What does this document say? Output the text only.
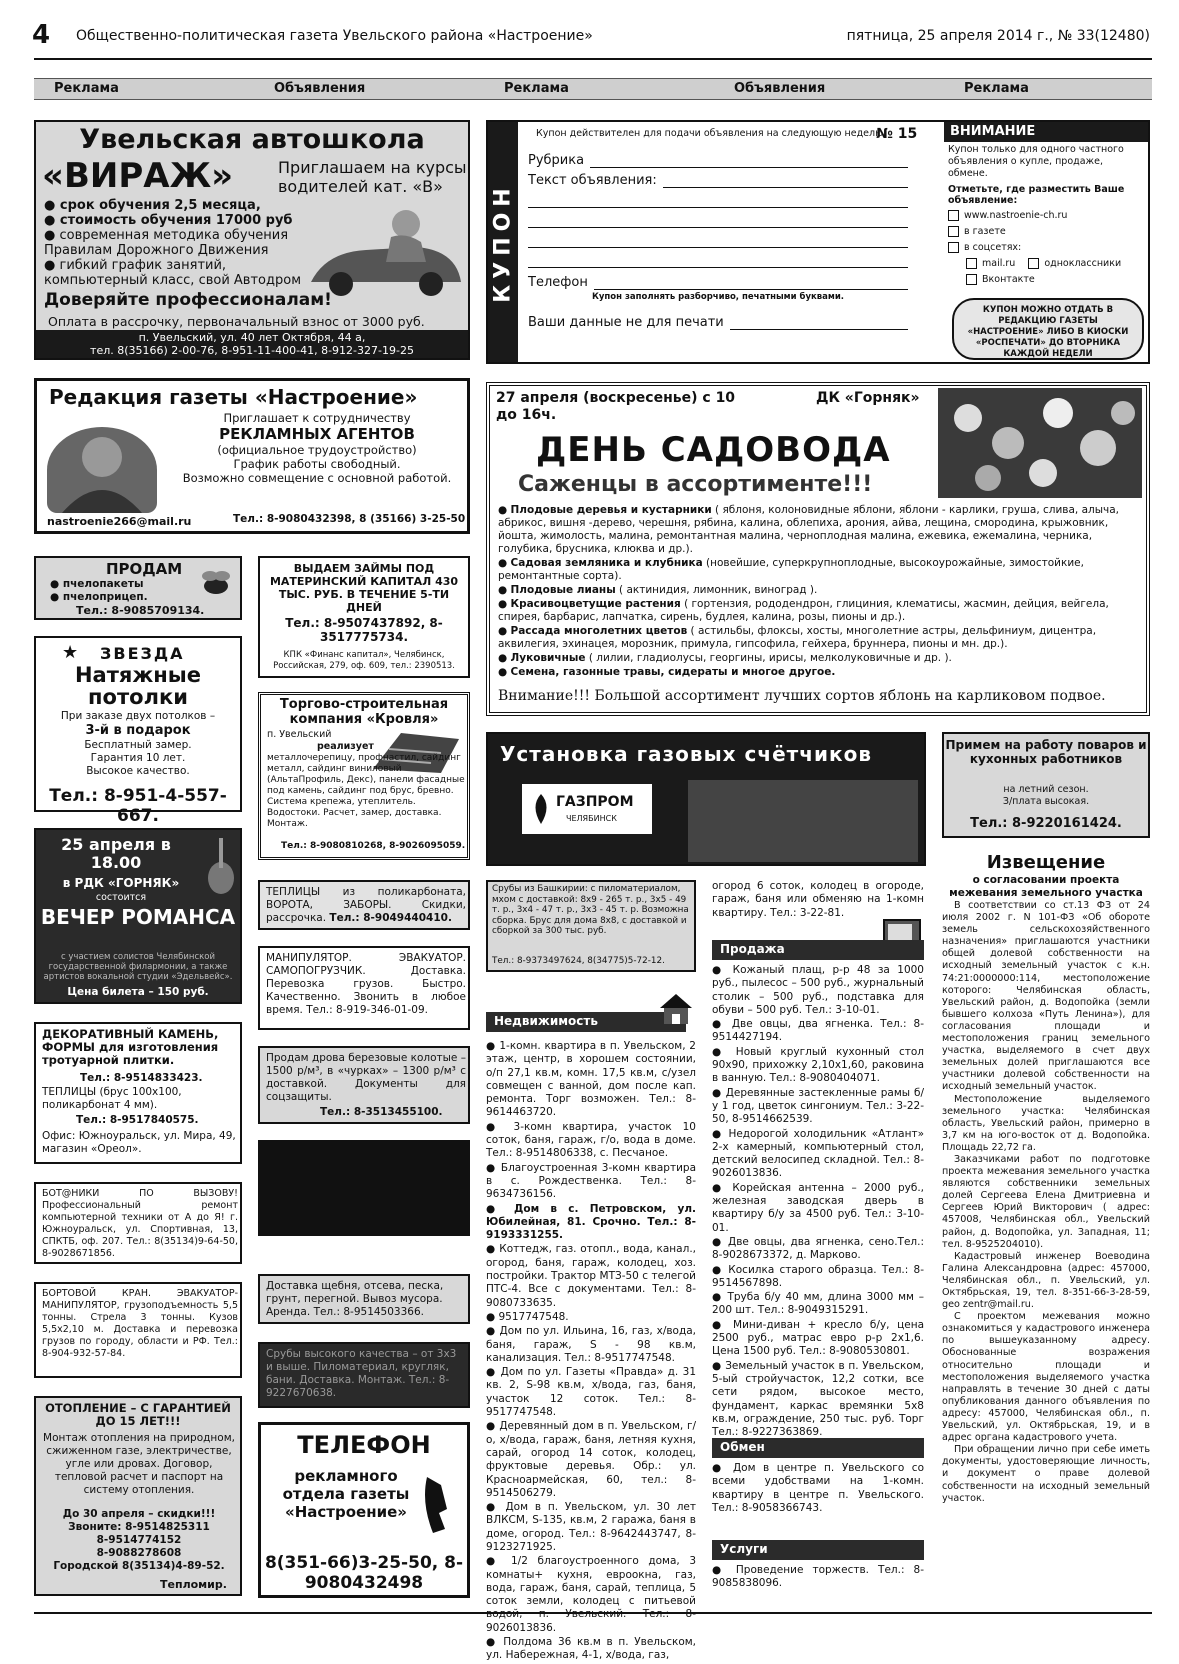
4 Общественно-политическая газета Увельского района «Настроение»	пятница, 25 апреля 2014 г., № 33(12480)
Реклама	Объявления	Реклама	Объявления	Реклама
Увельская автошкола
«ВИРАЖ»	Приглашаем на курсы водителей кат. «В»
● срок обучения 2,5 месяца,
● стоимость обучения 17000 руб
● современная методика обучения Правилам Дорожного Движения
● гибкий график занятий, компьютерный класс, свой Автодром
Доверяйте профессионалам!
Оплата в рассрочку, первоначальный взнос от 3000 руб.
п. Увельский, ул. 40 лет Октября, 44 а,
тел. 8(35166) 2-00-76, 8-951-11-400-41, 8-912-327-19-25
КУПОН
Купон действителен для подачи объявления на следующую неделю
№ 15
Рубрика
Текст объявления:
Телефон
Купон заполнять разборчиво, печатными буквами.
Ваши данные не для печати
ВНИМАНИЕ
Купон только для одного частного объявления о купле, продаже, обмене.
Отметьте, где разместить Ваше объявление:
www.nastroenie-ch.ru
в газете
в соцсетях:
mail.ru	одноклассники
Вконтакте
КУПОН МОЖНО ОТДАТЬ В РЕДАКЦИЮ ГАЗЕТЫ «НАСТРОЕНИЕ» ЛИБО В КИОСКИ «РОСПЕЧАТИ» ДО ВТОРНИКА КАЖДОЙ НЕДЕЛИ
Редакция газеты «Настроение»
Приглашает к сотрудничеству
РЕКЛАМНЫХ АГЕНТОВ
(официальное трудоустройство)
График работы свободный.
Возможно совмещение с основной работой.
nastroenie266@mail.ru	Тел.: 8-9080432398, 8 (35166) 3-25-50
27 апреля (воскресенье) с 10 до 16ч.
ДК «Горняк»
ДЕНЬ САДОВОДА
Саженцы в ассортименте!!!
● Плодовые деревья и кустарники ( яблоня, колоновидные яблони, яблони - карлики, груша, слива, алыча, абрикос, вишня -дерево, черешня, рябина, калина, облепиха, арония, айва, лещина, смородина, крыжовник, йошта, жимолость, малина, ремонтантная малина, черноплодная малина, ежевика, ежемалина, черника, голубика, брусника, клюква и др.).
● Садовая земляника и клубника (новейшие, суперкрупноплодные, высокоурожайные, зимостойкие, ремонтантные сорта).
● Плодовые лианы ( актинидия, лимонник, виноград ).
● Красивоцветущие растения ( гортензия, рододендрон, глициния, клематисы, жасмин, дейция, вейгела, спирея, барбарис, лапчатка, сирень, будлея, калина, розы, пионы и др.).
● Рассада многолетних цветов ( астильбы, флоксы, хосты, многолетние астры, дельфиниум, дицентра, аквилегия, эхинацея, морозник, примула, гипсофила, гейхера, бруннера, пионы и мн. др.).
● Луковичные ( лилии, гладиолусы, георгины, ирисы, мелколуковичные и др. ).
● Семена, газонные травы, сидераты и многое другое.
Внимание!!! Большой ассортимент лучших сортов яблонь на карликовом подвое.
ПРОДАМ
● пчелопакеты
● пчелоприцеп.
Тел.: 8-9085709134.
★ ЗВЕЗДА
Натяжные потолки
При заказе двух потолков –
3-й в подарок
Бесплатный замер.
Гарантия 10 лет.
Высокое качество.
Тел.: 8-951-4-557-667.
25 апреля в 18.00
в РДК «ГОРНЯК»
состоится
ВЕЧЕР РОМАНСА
с участием солистов Челябинской государственной филармонии, а также артистов вокальной студии «Эдельвейс».
Цена билета – 150 руб.
ДЕКОРАТИВНЫЙ КАМЕНЬ, ФОРМЫ для изготовления тротуарной плитки.
Тел.: 8-9514833423.
ТЕПЛИЦЫ (брус 100х100, поликарбонат 4 мм).
Тел.: 8-9517840575.
Офис: Южноуральск, ул. Мира, 49, магазин «Ореол».
БОТ@НИКИ ПО ВЫЗОВУ! Профессиональный ремонт компьютерной техники от А до Я! г. Южноуральск, ул. Спортивная, 13, СПКТБ, оф. 207. Тел.: 8(35134)9-64-50, 8-9028671856.
БОРТОВОЙ КРАН. ЭВАКУАТОР-МАНИПУЛЯТОР, грузоподъемность 5,5 тонны. Стрела 3 тонны. Кузов 5,5х2,10 м. Доставка и перевозка грузов по городу, области и РФ. Тел.: 8-904-932-57-84.
ОТОПЛЕНИЕ – С ГАРАНТИЕЙ ДО 15 ЛЕТ!!!
Монтаж отопления на природном, сжиженном газе, электричестве, угле или дровах. Договор, тепловой расчет и паспорт на систему отопления.
До 30 апреля – скидки!!!
Звоните: 8-9514825311
8-9514774152
8-9088278608
Городской 8(35134)4-89-52.
Тепломир.
ВЫДАЕМ ЗАЙМЫ ПОД МАТЕРИНСКИЙ КАПИТАЛ 430 ТЫС. РУБ. В ТЕЧЕНИЕ 5-ТИ ДНЕЙ
Тел.: 8-9507437892, 8-3517775734.
КПК «Финанс капитал», Челябинск, Российская, 279, оф. 609, тел.: 2390513.
Торгово-строительная компания «Кровля»
п. Увельский
реализует
металлочерепицу, профнастил, сайдинг металл, сайдинг виниловый (АльтаПрофиль, Декс), панели фасадные под камень, сайдинг под брус, бревно. Система крепежа, утеплитель. Водостоки. Расчет, замер, доставка. Монтаж.
Тел.: 8-9080810268, 8-9026095059.
ТЕПЛИЦЫ из поликарбоната, ВОРОТА, ЗАБОРЫ. Скидки, рассрочка. Тел.: 8-9049440410.
МАНИПУЛЯТОР. ЭВАКУАТОР. САМОПОГРУЗЧИК. Доставка. Перевозка грузов. Быстро. Качественно. Звонить в любое время. Тел.: 8-919-346-01-09.
Продам дрова березовые колотые – 1500 р/м³, в «чурках» – 1300 р/м³ с доставкой. Документы для соцзащиты.
Тел.: 8-3513455100.
Доставка щебня, отсева, песка, грунт, перегной. Вывоз мусора. Аренда. Тел.: 8-9514503366.
Срубы высокого качества – от 3х3 и выше. Пиломатериал, кругляк, бани. Доставка. Монтаж. Тел.: 8-9227670638.
ТЕЛЕФОН
рекламного отдела газеты «Настроение»
8(351-66)3-25-50, 8-9080432498
Установка газовых счётчиков
ГАЗПРОМ
ЧЕЛЯБИНСК
Примем на работу поваров и кухонных работников
на летний сезон.
З/плата высокая.
Тел.: 8-9220161424.
Срубы из Башкирии: с пиломатериалом, мхом с доставкой: 8х9 - 265 т. р., 3х5 - 49 т. р., 3х4 - 47 т. р., 3х3 - 45 т. р. Возможна сборка. Брус для дома 8х8, с доставкой и сборкой за 300 тыс. руб.
Тел.: 8-9373497624, 8(34775)5-72-12.
Недвижимость

● 1-комн. квартира в п. Увельском, 2 этаж, центр, в хорошем состоянии, о/п 27,1 кв.м, комн. 17,5 кв.м, с/узел совмещен с ванной, дом после кап. ремонта. Торг возможен. Тел.: 8-9614463720.

● 3-комн квартира, участок 10 соток, баня, гараж, г/о, вода в доме. Тел.: 8-9514806338, с. Песчаное.

● Благоустроенная 3-комн квартира в с. Рождественка. Тел.: 8-9634736156.

● Дом в с. Петровском, ул. Юбилейная, 81. Срочно. Тел.: 8-9193331255.

● Коттедж, газ. отопл., вода, канал., огород, баня, гараж, колодец, хоз. постройки. Трактор МТЗ-50 с телегой ПТС-4. Все с документами. Тел.: 8-9080733635.

● 9517747548.

● Дом по ул. Ильина, 16, газ, х/вода, баня, гараж, S - 98 кв.м, канализация. Тел.: 8-9517747548.

● Дом по ул. Газеты «Правда» д. 31 кв. 2, S-98 кв.м, х/вода, газ, баня, участок 12 соток. Тел.: 8-9517747548.

● Деревянный дом в п. Увельском, г/о, х/вода, гараж, баня, летняя кухня, сарай, огород 14 соток, колодец, фруктовые деревья. Обр.: ул. Красноармейская, 60, тел.: 8-9514506279.

● Дом в п. Увельском, ул. 30 лет ВЛКСМ, S-135, кв.м, 2 гаража, баня в доме, огород. Тел.: 8-9642443747, 8-9123271925.

● 1/2 благоустроенного дома, 3 комнаты+ кухня, евроокна, газ, вода, гараж, баня, сарай, теплица, 5 соток земли, колодец с питьевой водой, п. Увельский. Тел.: 8-9026013836.

● Полдома 36 кв.м в п. Увельском, ул. Набережная, 4-1, х/вода, газ,

огород 6 соток, колодец в огороде, гараж, баня или обменяю на 1-комн квартиру. Тел.: 3-22-81.
Продажа

● Кожаный плащ, р-р 48 за 1000 руб., пылесос – 500 руб., журнальный столик – 500 руб., подставка для обуви – 500 руб. Тел.: 3-10-01.

● Две овцы, два ягненка. Тел.: 8-9514427194.

● Новый круглый кухонный стол 90х90, прихожку 2,10х1,60, раковина в ванную. Тел.: 8-9080404071.

● Деревянные застекленные рамы б/у 1 год, цветок сингониум. Тел.: 3-22-50, 8-9514662539.

● Недорогой холодильник «Атлант» 2-х камерный, компьютерный стол, детский велосипед складной. Тел.: 8-9026013836.

● Корейская антенна – 2000 руб., железная заводская дверь в квартиру б/у за 4500 руб. Тел.: 3-10-01.

● Две овцы, два ягненка, сено.Тел.: 8-9028673372, д. Марково.

● Косилка старого образца. Тел.: 8-9514567898.

● Труба б/у 40 мм, длина 3000 мм – 200 шт. Тел.: 8-9049315291.

● Мини-диван + кресло б/у, цена 2500 руб., матрас евро р-р 2х1,6. Цена 1500 руб. Тел.: 8-9080530801.

● Земельный участок в п. Увельском, 5-ый стройучасток, 12,2 сотки, все сети рядом, высокое место, фундамент, каркас времянки 5х8 кв.м, ограждение, 250 тыс. руб. Торг Тел.: 8-9227363869.

Обмен

● Дом в центре п. Увельского со всеми удобствами на 1-комн. квартиру в центре п. Увельского. Тел.: 8-9058366743.

Услуги

● Проведение торжеств. Тел.: 8-9085838096.

Извещение
о согласовании проекта межевания земельного участка

В соответствии со ст.13 ФЗ от 24 июля 2002 г. N 101-ФЗ «Об обороте земель сельскохозяйственного назначения» приглашаются участники общей долевой собственности на исходный земельный участок с к.н. 74:21:0000000:114, местоположение которого: Челябинская область, Увельский район, д. Водопойка (земли бывшего колхоза «Путь Ленина»), для согласования площади и местоположения границ земельного участка, выделяемого в счет двух земельных долей приглашаются все участники долевой собственности на исходный земельный участок.

Местоположение выделяемого земельного участка: Челябинская область, Увельский район, примерно в 3,7 км на юго-восток от д. Водопойка. Площадь 22,72 га.

Заказчиками работ по подготовке проекта межевания земельного участка являются собственники земельных долей Сергеева Елена Дмитриевна и Сергеев Юрий Викторович ( адрес: 457008, Челябинская обл., Увельский район, д. Водопойка, ул. Западная, 11; тел. 8-9525204010).

Кадастровый инженер Воеводина Галина Александровна (адрес: 457000, Челябинская обл., п. Увельский, ул. Октябрьская, 19, тел. 8-351-66-3-28-59, geo zentr@mail.ru.

С проектом межевания можно ознакомиться у кадастрового инженера по вышеуказанному адресу. Обоснованные возражения относительно площади и местоположения выделяемого участка направлять в течение 30 дней с даты опубликования данного объявления по адресу: 457000, Челябинская обл., п. Увельский, ул. Октябрьская, 19, и в адрес органа кадастрового учета.

При обращении лично при себе иметь документы, удостоверяющие личность, и документ о праве долевой собственности на исходный земельный участок.
